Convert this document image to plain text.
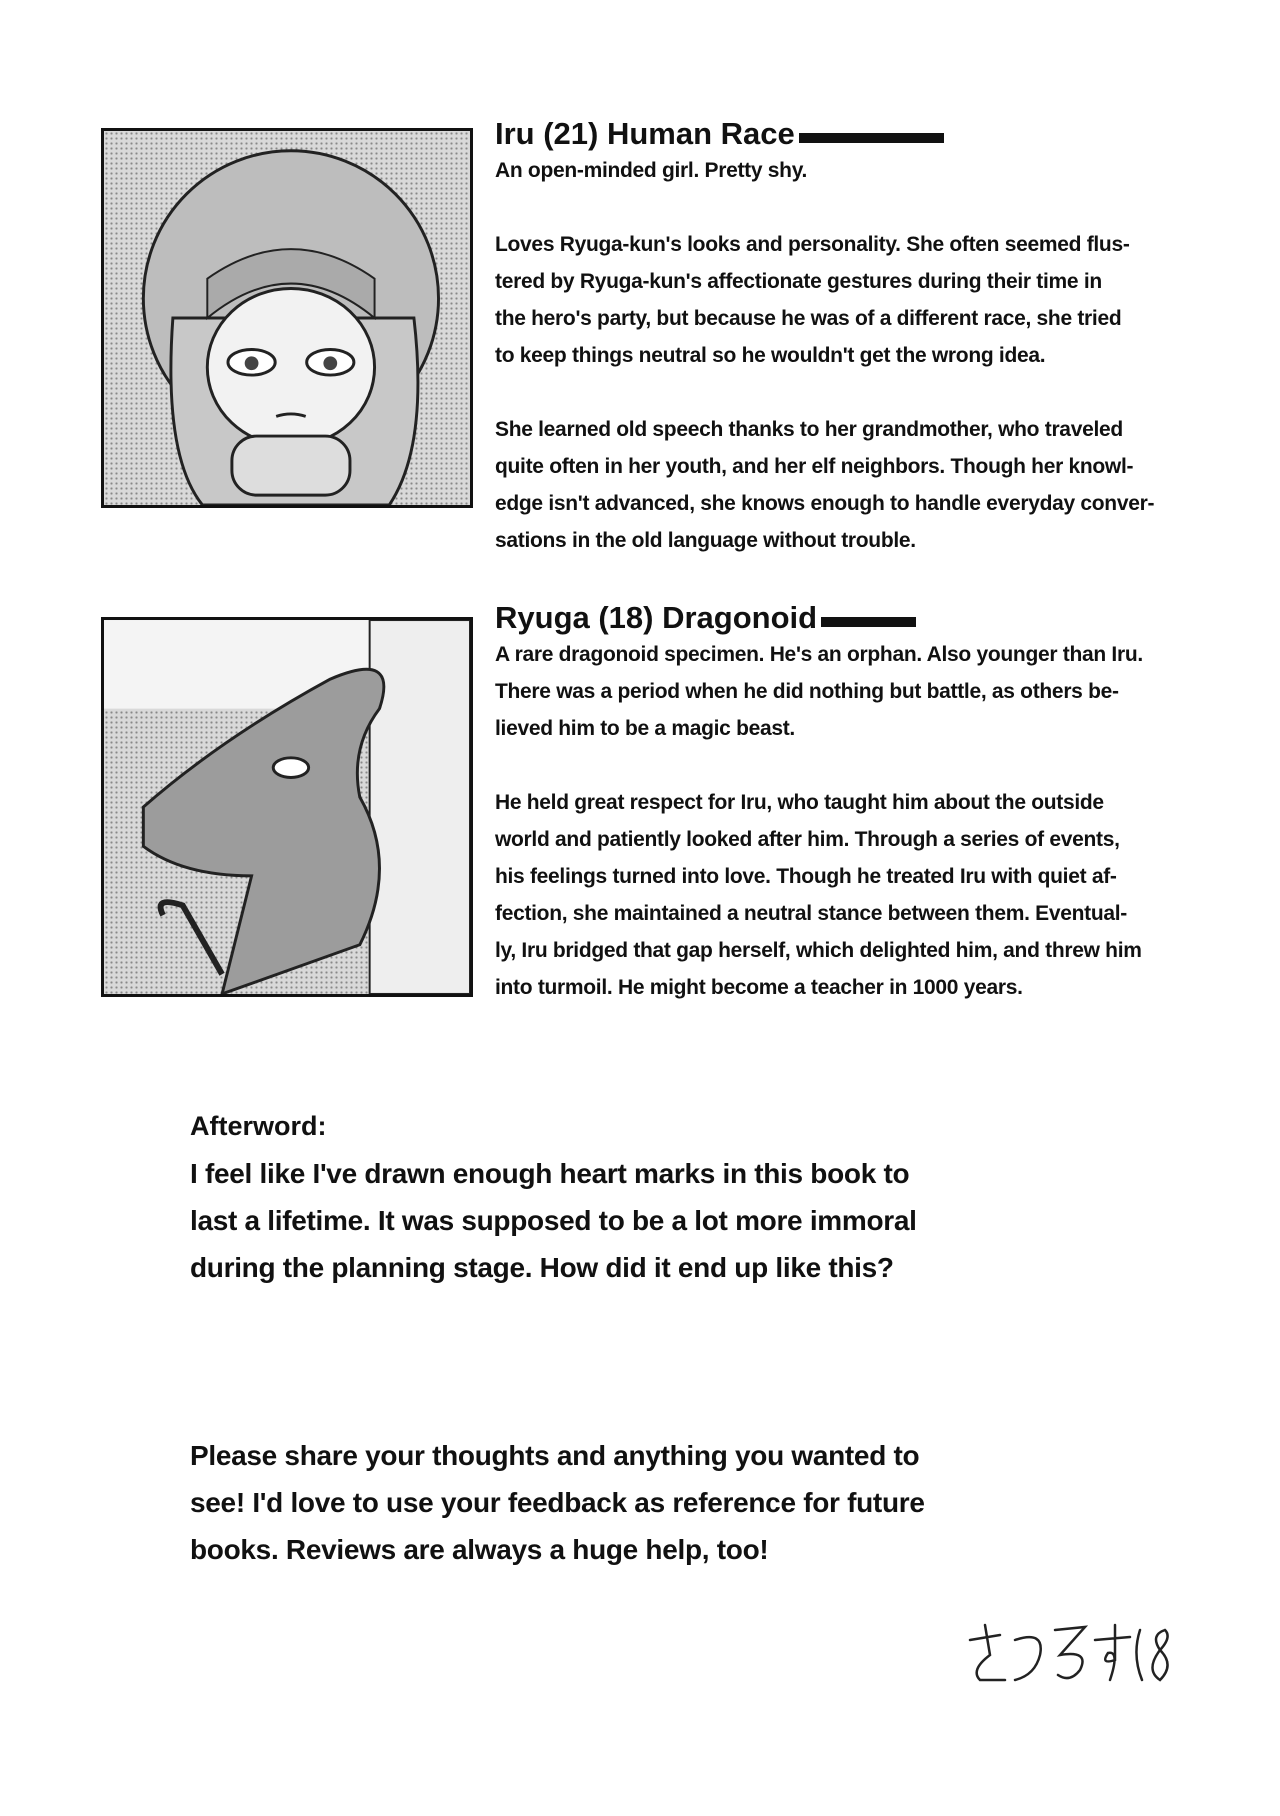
Iru (21) Human Race

An open-minded girl. Pretty shy.

Loves Ryuga-kun's looks and personality. She often seemed flus-
tered by Ryuga-kun's affectionate gestures during their time in
the hero's party, but because he was of a different race, she tried
to keep things neutral so he wouldn't get the wrong idea.

She learned old speech thanks to her grandmother, who traveled
quite often in her youth, and her elf neighbors. Though her knowl-
edge isn't advanced, she knows enough to handle everyday conver-
sations in the old language without trouble.

Ryuga (18) Dragonoid

A rare dragonoid specimen. He's an orphan. Also younger than Iru.
There was a period when he did nothing but battle, as others be-
lieved him to be a magic beast.

He held great respect for Iru, who taught him about the outside
world and patiently looked after him. Through a series of events,
his feelings turned into love. Though he treated Iru with quiet af-
fection, she maintained a neutral stance between them. Eventual-
ly, Iru bridged that gap herself, which delighted him, and threw him
into turmoil. He might become a teacher in 1000 years.

Afterword:
I feel like I've drawn enough heart marks in this book to
last a lifetime. It was supposed to be a lot more immoral
during the planning stage. How did it end up like this?
Please share your thoughts and anything you wanted to
see! I'd love to use your feedback as reference for future
books. Reviews are always a huge help, too!
